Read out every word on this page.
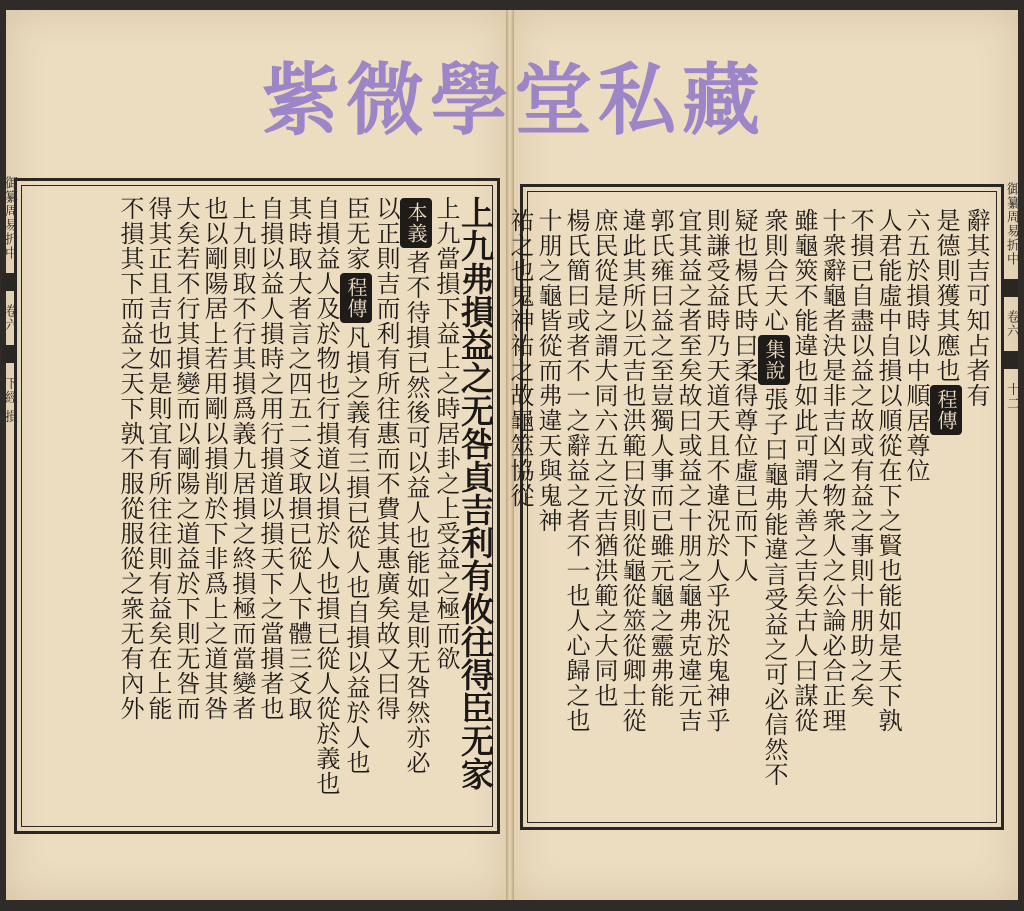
紫微學堂私藏
御纂周易折中  卷六  下經 損	上九弗損益之无咎貞吉利有攸往得臣无家
上九當損下益上之時居卦之上受益之極而欲
本義者不待損已然後可以益人也能如是則无咎然亦必
以正則吉而利有所往惠而不費其惠廣矣故又曰得
臣无家程傳凡損之義有三損已從人也自損以益於人也
自損益人及於物也行損道以損於人也損已從人從於義也
其時取大者言之四五二爻取損已從人下體三爻取
自損以益人損時之用行損道以損天下之當損者也
上九則取不行其損爲義九居損之終損極而當變者
也以剛陽居上若用剛以損削於下非爲上之道其咎
大矣若不行其損變而以剛陽之道益於下則无咎而
得其正且吉也如是則宜有所往往則有益矣在上能
不損其下而益之天下孰不服從服從之衆无有內外	御纂周易折中  卷六  十二
辭其吉可知占者有
是德則獲其應也程傳
六五於損時以中順居尊位
人君能虛中自損以順從在下之賢也能如是天下孰
不損已自盡以益之故或有益之事則十朋助之矣
十衆辭龜者決是非吉凶之物衆人之公論必合正理
雖龜筴不能違也如此可謂大善之吉矣古人曰謀從
衆則合天心集說張子曰龜弗能違言受益之可必信然不
疑也楊氏時曰柔得尊位虛已而下人
則謙受益時乃天道天且不違況於人乎況於鬼神乎
宜其益之者至矣故曰或益之十朋之龜弗克違元吉
郭氏雍曰益之至豈獨人事而已雖元龜之靈弗能
違此其所以元吉也洪範曰汝則從龜從筮從卿士從
庶民從是之謂大同六五之元吉猶洪範之大同也
楊氏簡曰或者不一之辭益之者不一也人心歸之也
十朋之龜皆從而弗違天與鬼神
祐之也鬼神祐之故龜筮協從
